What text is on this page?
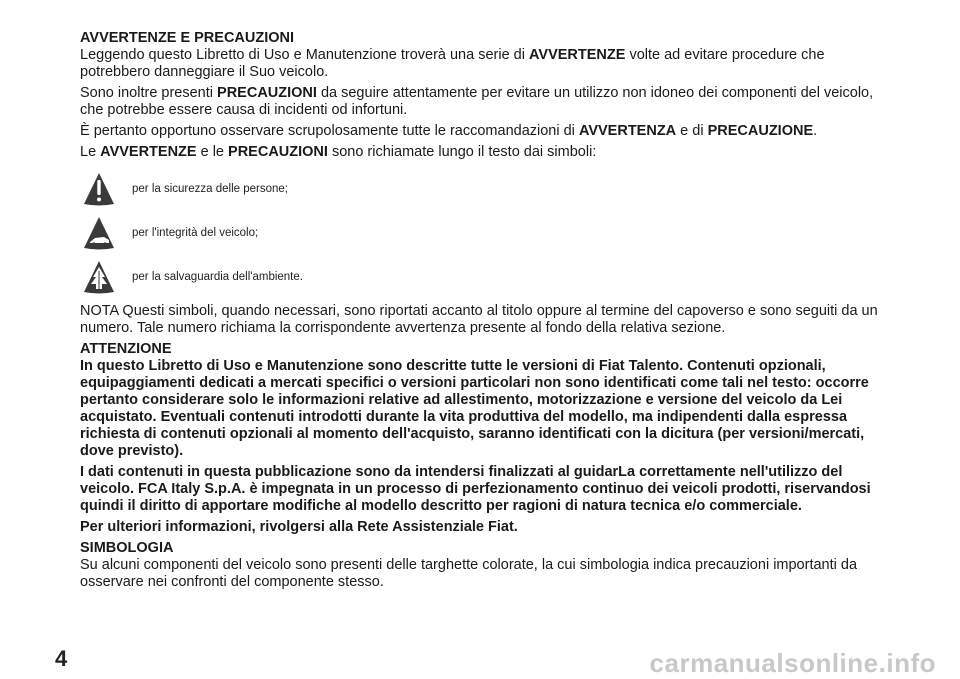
AVVERTENZE E PRECAUZIONI

Leggendo questo Libretto di Uso e Manutenzione troverà una serie di AVVERTENZE volte ad evitare procedure che potrebbero danneggiare il Suo veicolo.

Sono inoltre presenti PRECAUZIONI da seguire attentamente per evitare un utilizzo non idoneo dei componenti del veicolo, che potrebbe essere causa di incidenti od infortuni.

È pertanto opportuno osservare scrupolosamente tutte le raccomandazioni di AVVERTENZA e di PRECAUZIONE.

Le AVVERTENZE e le PRECAUZIONI sono richiamate lungo il testo dai simboli:

per la sicurezza delle persone;
per l'integrità del veicolo;
per la salvaguardia dell'ambiente.

NOTA Questi simboli, quando necessari, sono riportati accanto al titolo oppure al termine del capoverso e sono seguiti da un numero. Tale numero richiama la corrispondente avvertenza presente al fondo della relativa sezione.

ATTENZIONE

In questo Libretto di Uso e Manutenzione sono descritte tutte le versioni di Fiat Talento. Contenuti opzionali, equipaggiamenti dedicati a mercati specifici o versioni particolari non sono identificati come tali nel testo: occorre pertanto considerare solo le informazioni relative ad allestimento, motorizzazione e versione del veicolo da Lei acquistato. Eventuali contenuti introdotti durante la vita produttiva del modello, ma indipendenti dalla espressa richiesta di contenuti opzionali al momento dell'acquisto, saranno identificati con la dicitura (per versioni/mercati, dove previsto).

I dati contenuti in questa pubblicazione sono da intendersi finalizzati al guidarLa correttamente nell'utilizzo del veicolo. FCA Italy S.p.A. è impegnata in un processo di perfezionamento continuo dei veicoli prodotti, riservandosi quindi il diritto di apportare modifiche al modello descritto per ragioni di natura tecnica e/o commerciale.

Per ulteriori informazioni, rivolgersi alla Rete Assistenziale Fiat.

SIMBOLOGIA

Su alcuni componenti del veicolo sono presenti delle targhette colorate, la cui simbologia indica precauzioni importanti da osservare nei confronti del componente stesso.

4	carmanualsonline.info
